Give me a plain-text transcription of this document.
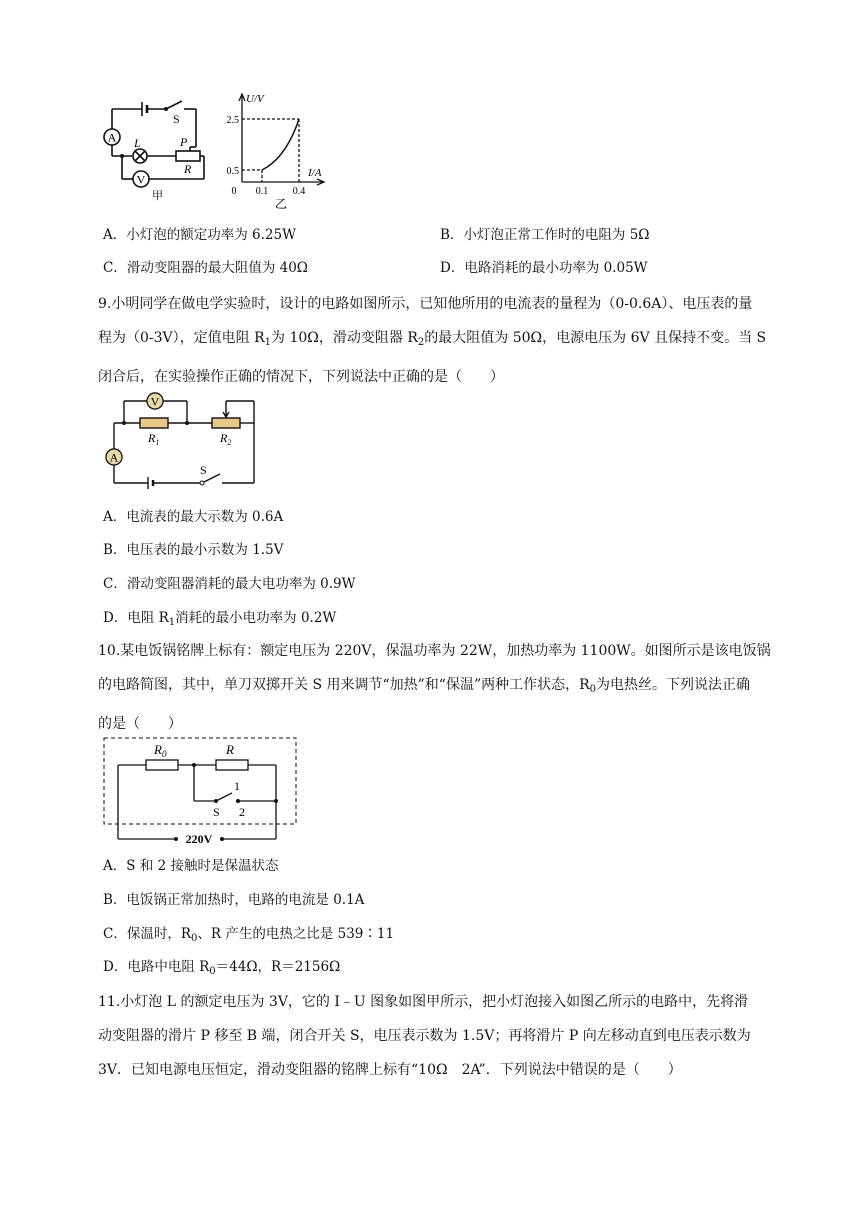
A
V
L
S
P
R
甲
U/V
I/A
2.5
0.5
0 0.1 0.4
乙
A．小灯泡的额定功率为 6.25W	B．小灯泡正常工作时的电阻为 5Ω
C．滑动变阻器的最大阻值为 40Ω	D．电路消耗的最小功率为 0.05W
9.小明同学在做电学实验时，设计的电路如图所示，已知他所用的电流表的量程为（0-0.6A）、电压表的量
程为（0-3V），定值电阻 $R_1$为 10Ω，滑动变阻器 $R_2$的最大阻值为 50Ω，电源电压为 6V 且保持不变。当 S
闭合后，在实验操作正确的情况下，下列说法中正确的是（　　）
V
A
$R_1$	$R_2$
S
A．电流表的最大示数为 0.6A
B．电压表的最小示数为 1.5V
C．滑动变阻器消耗的最大电功率为 0.9W
D．电阻 $R_1$消耗的最小电功率为 0.2W
10.某电饭锅铭牌上标有：额定电压为 220V，保温功率为 22W，加热功率为 1100W。如图所示是该电饭锅
的电路简图，其中，单刀双掷开关 S 用来调节“加热”和“保温”两种工作状态，$R_0$为电热丝。下列说法正确
的是（　　）
$R_0$	R
1
2
S
220V
A．S 和 2 接触时是保温状态
B．电饭锅正常加热时，电路的电流是 0.1A
C．保温时，$R_0$、R 产生的电热之比是 539∶11
D．电路中电阻 $R_0=44\Omega$，R＝2156Ω
11.小灯泡 L 的额定电压为 3V，它的 I﹣U 图象如图甲所示，把小灯泡接入如图乙所示的电路中，先将滑
动变阻器的滑片 P 移至 B 端，闭合开关 S，电压表示数为 1.5V；再将滑片 P 向左移动直到电压表示数为
3V．已知电源电压恒定，滑动变阻器的铭牌上标有“10Ω　2A”．下列说法中错误的是（　　）
